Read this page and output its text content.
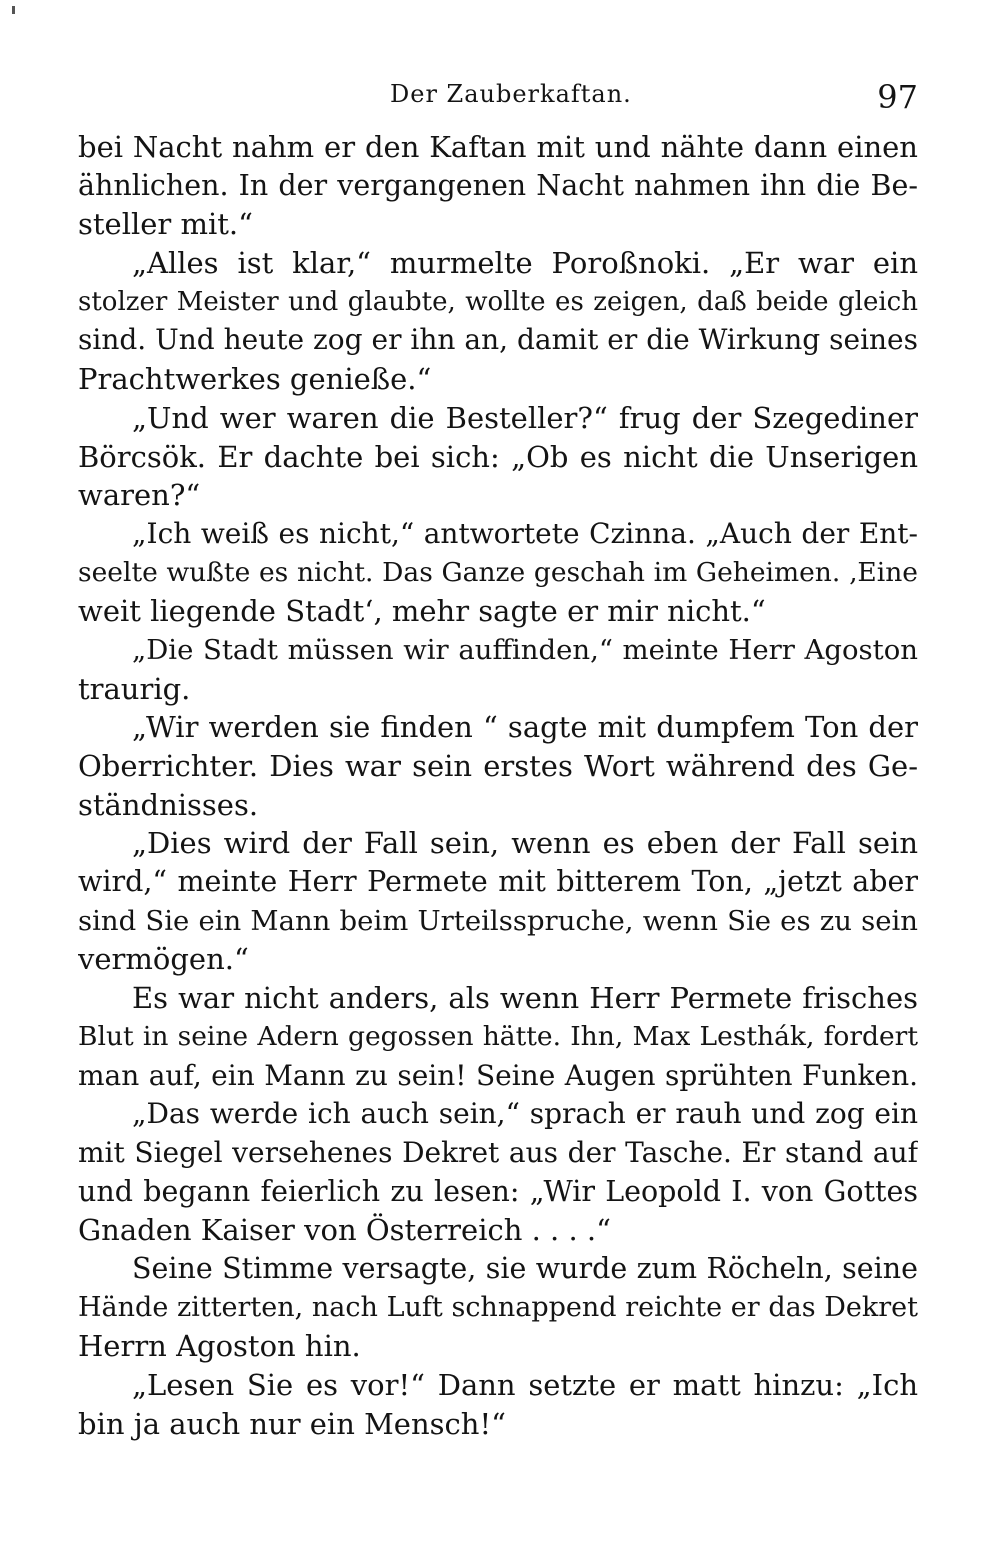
Der Zauberkaftan.	97
bei Nacht nahm er den Kaftan mit und nähte dann einen
ähnlichen. In der vergangenen Nacht nahmen ihn die Be-
steller mit.“
„Alles ist klar,“ murmelte Poroßnoki. „Er war ein
stolzer Meister und glaubte, wollte es zeigen, daß beide gleich
sind. Und heute zog er ihn an, damit er die Wirkung seines
Prachtwerkes genieße.“
„Und wer waren die Besteller?“ frug der Szegediner
Börcsök. Er dachte bei sich: „Ob es nicht die Unserigen
waren?“
„Ich weiß es nicht,“ antwortete Czinna. „Auch der Ent-
seelte wußte es nicht. Das Ganze geschah im Geheimen. ‚Eine
weit liegende Stadt‘, mehr sagte er mir nicht.“
„Die Stadt müssen wir auffinden,“ meinte Herr Agoston
traurig.
„Wir werden sie finden “ sagte mit dumpfem Ton der
Oberrichter. Dies war sein erstes Wort während des Ge-
ständnisses.
„Dies wird der Fall sein, wenn es eben der Fall sein
wird,“ meinte Herr Permete mit bitterem Ton, „jetzt aber
sind Sie ein Mann beim Urteilsspruche, wenn Sie es zu sein
vermögen.“
Es war nicht anders, als wenn Herr Permete frisches
Blut in seine Adern gegossen hätte. Ihn, Max Lesthák, fordert
man auf, ein Mann zu sein! Seine Augen sprühten Funken.
„Das werde ich auch sein,“ sprach er rauh und zog ein
mit Siegel versehenes Dekret aus der Tasche. Er stand auf
und begann feierlich zu lesen: „Wir Leopold I. von Gottes
Gnaden Kaiser von Österreich . . . .“
Seine Stimme versagte, sie wurde zum Röcheln, seine
Hände zitterten, nach Luft schnappend reichte er das Dekret
Herrn Agoston hin.
„Lesen Sie es vor!“ Dann setzte er matt hinzu: „Ich
bin ja auch nur ein Mensch!“
